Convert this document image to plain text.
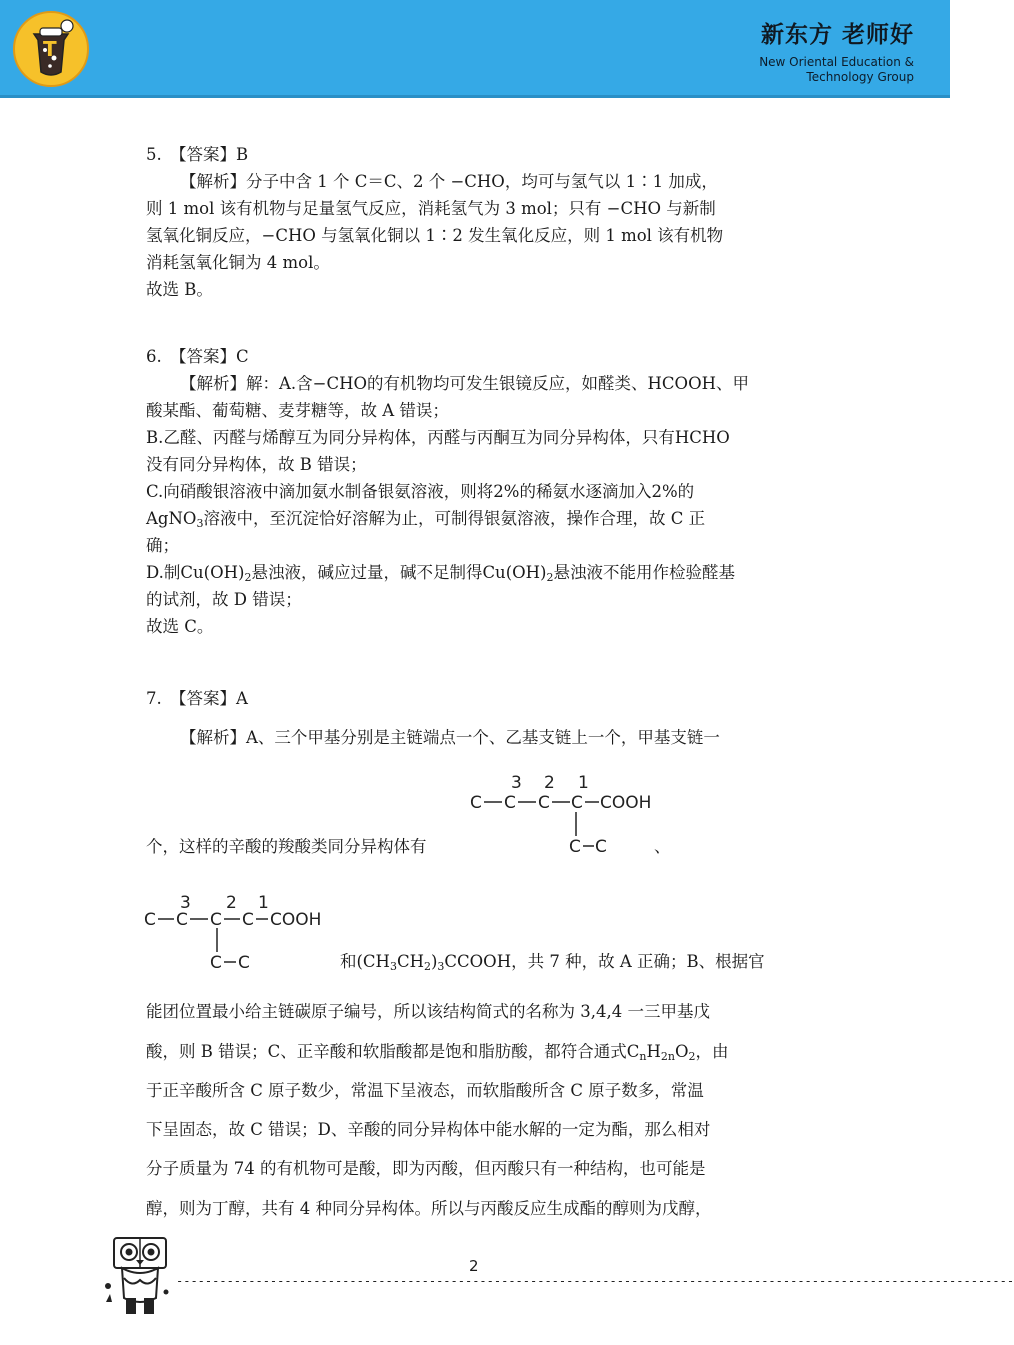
T
新东方 老师好
New Oriental Education &
Technology Group
5.　【答案】B
【解析】分子中含 1 个 C＝C、2 个 −CHO，均可与氢气以 1∶1 加成，
则 1 mol 该有机物与足量氢气反应，消耗氢气为 3 mol；只有 −CHO 与新制
氢氧化铜反应，−CHO 与氢氧化铜以 1∶2 发生氧化反应，则 1 mol 该有机物
消耗氢氧化铜为 4 mol。
故选 B。
6.　【答案】C
【解析】解：A.含−CHO的有机物均可发生银镜反应，如醛类、HCOOH、甲
酸某酯、葡萄糖、麦芽糖等，故 A 错误；
B.乙醛、丙醛与烯醇互为同分异构体，丙醛与丙酮互为同分异构体，只有HCHO
没有同分异构体，故 B 错误；
C.向硝酸银溶液中滴加氨水制备银氨溶液，则将2%的稀氨水逐滴加入2%的
AgNO$_3$溶液中，至沉淀恰好溶解为止，可制得银氨溶液，操作合理，故 C 正
确；
D.制$Cu(OH)_2$悬浊液，碱应过量，碱不足制得$Cu(OH)_2$悬浊液不能用作检验醛基
的试剂，故 D 错误；
故选 C。
7.　【答案】A
【解析】A、三个甲基分别是主链端点一个、乙基支链上一个，甲基支链一
3 2 1
C C C C COOH
C C
个，这样的辛酸的羧酸类同分异构体有	、
3 2 1
C C C C COOH
C C	和$(CH_3CH_2)_3CCOOH$，共 7 种，故 A 正确；B、根据官
能团位置最小给主链碳原子编号，所以该结构简式的名称为 3,4,4 一三甲基戊
酸，则 B 错误；C、正辛酸和软脂酸都是饱和脂肪酸，都符合通式$C_nH_{2n}O_2$，由
于正辛酸所含 C 原子数少，常温下呈液态，而软脂酸所含 C 原子数多，常温
下呈固态，故 C 错误；D、辛酸的同分异构体中能水解的一定为酯，那么相对
分子质量为 74 的有机物可是酸，即为丙酸，但丙酸只有一种结构，也可能是
醇，则为丁醇，共有 4 种同分异构体。所以与丙酸反应生成酯的醇则为戊醇，
2
--------------------------------------------------------------------------------------------------------------------
